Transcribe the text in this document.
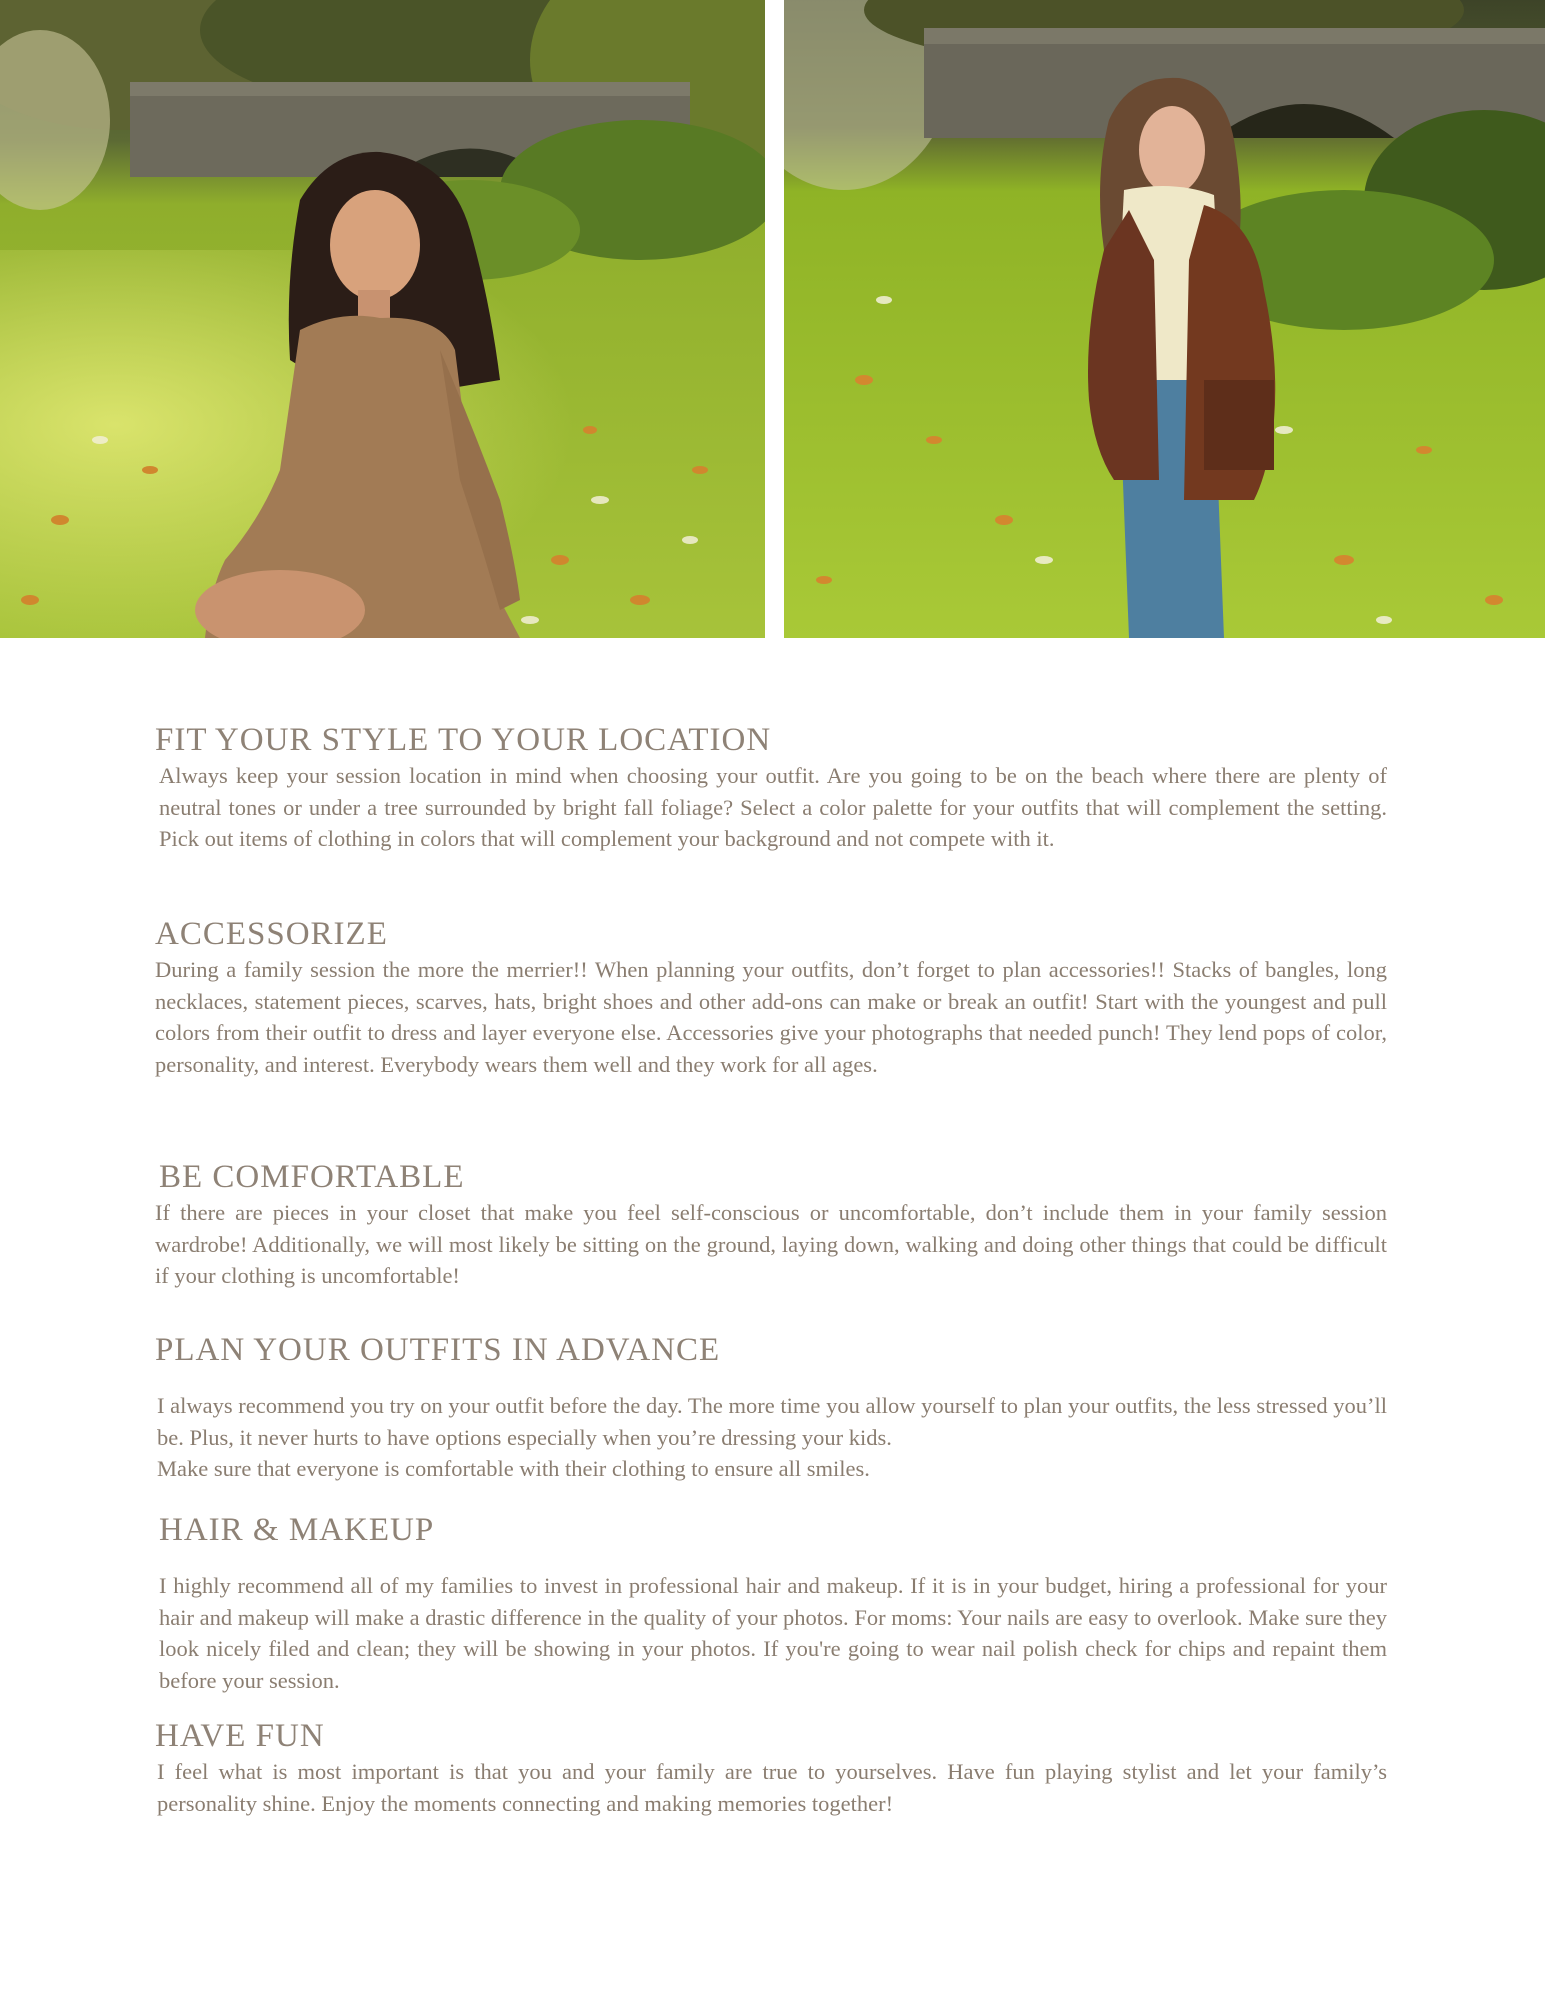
FIT YOUR STYLE TO YOUR LOCATION

Always keep your session location in mind when choosing your outfit. Are you going to be on the beach where there are plenty of neutral tones or under a tree surrounded by bright fall foliage? Select a color palette for your outfits that will complement the setting. Pick out items of clothing in colors that will complement your background and not compete with it.

ACCESSORIZE

During a family session the more the merrier!! When planning your outfits, don’t forget to plan accessories!! Stacks of bangles, long necklaces, statement pieces, scarves, hats, bright shoes and other add-ons can make or break an outfit! Start with the youngest and pull colors from their outfit to dress and layer everyone else. Accessories give your photographs that needed punch! They lend pops of color, personality, and interest. Everybody wears them well and they work for all ages.

BE COMFORTABLE

If there are pieces in your closet that make you feel self-conscious or uncomfortable, don’t include them in your family session wardrobe! Additionally, we will most likely be sitting on the ground, laying down, walking and doing other things that could be difficult if your clothing is uncomfortable!

PLAN YOUR OUTFITS IN ADVANCE

I always recommend you try on your outfit before the day. The more time you allow yourself to plan your outfits, the less stressed you’ll be. Plus, it never hurts to have options especially when you’re dressing your kids.

Make sure that everyone is comfortable with their clothing to ensure all smiles.

HAIR & MAKEUP

I highly recommend all of my families to invest in professional hair and makeup. If it is in your budget, hiring a professional for your hair and makeup will make a drastic difference in the quality of your photos. For moms: Your nails are easy to overlook. Make sure they look nicely filed and clean; they will be showing in your photos. If you're going to wear nail polish check for chips and repaint them before your session.

HAVE FUN

I feel what is most important is that you and your family are true to yourselves. Have fun playing stylist and let your family’s personality shine. Enjoy the moments connecting and making memories together!
